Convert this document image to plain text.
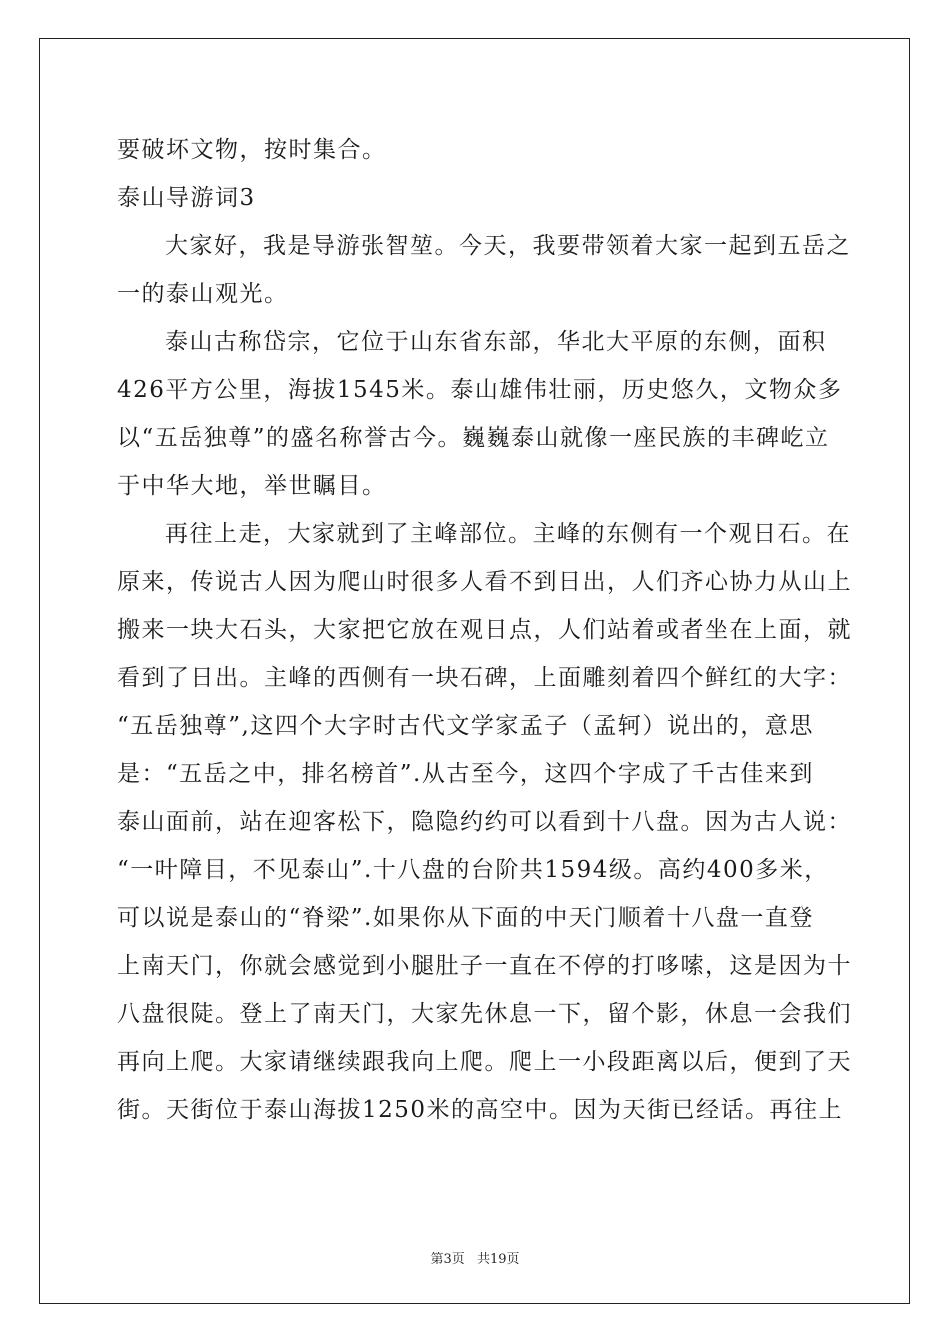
要破坏文物，按时集合。

泰山导游词3

大家好，我是导游张智堃。今天，我要带领着大家一起到五岳之

一的泰山观光。

泰山古称岱宗，它位于山东省东部，华北大平原的东侧，面积

426平方公里，海拔1545米。泰山雄伟壮丽，历史悠久，文物众多

以“五岳独尊”的盛名称誉古今。巍巍泰山就像一座民族的丰碑屹立

于中华大地，举世瞩目。

再往上走，大家就到了主峰部位。主峰的东侧有一个观日石。在

原来，传说古人因为爬山时很多人看不到日出，人们齐心协力从山上

搬来一块大石头，大家把它放在观日点，人们站着或者坐在上面，就

看到了日出。主峰的西侧有一块石碑，上面雕刻着四个鲜红的大字：

“五岳独尊”,这四个大字时古代文学家孟子（孟轲）说出的，意思

是：“五岳之中，排名榜首”.从古至今，这四个字成了千古佳来到

泰山面前，站在迎客松下，隐隐约约可以看到十八盘。因为古人说：

“一叶障目，不见泰山”.十八盘的台阶共1594级。高约400多米，

可以说是泰山的“脊梁”.如果你从下面的中天门顺着十八盘一直登

上南天门，你就会感觉到小腿肚子一直在不停的打哆嗦，这是因为十

八盘很陡。登上了南天门，大家先休息一下，留个影，休息一会我们

再向上爬。大家请继续跟我向上爬。爬上一小段距离以后，便到了天

街。天街位于泰山海拔1250米的高空中。因为天街已经话。再往上

第3页 共19页
